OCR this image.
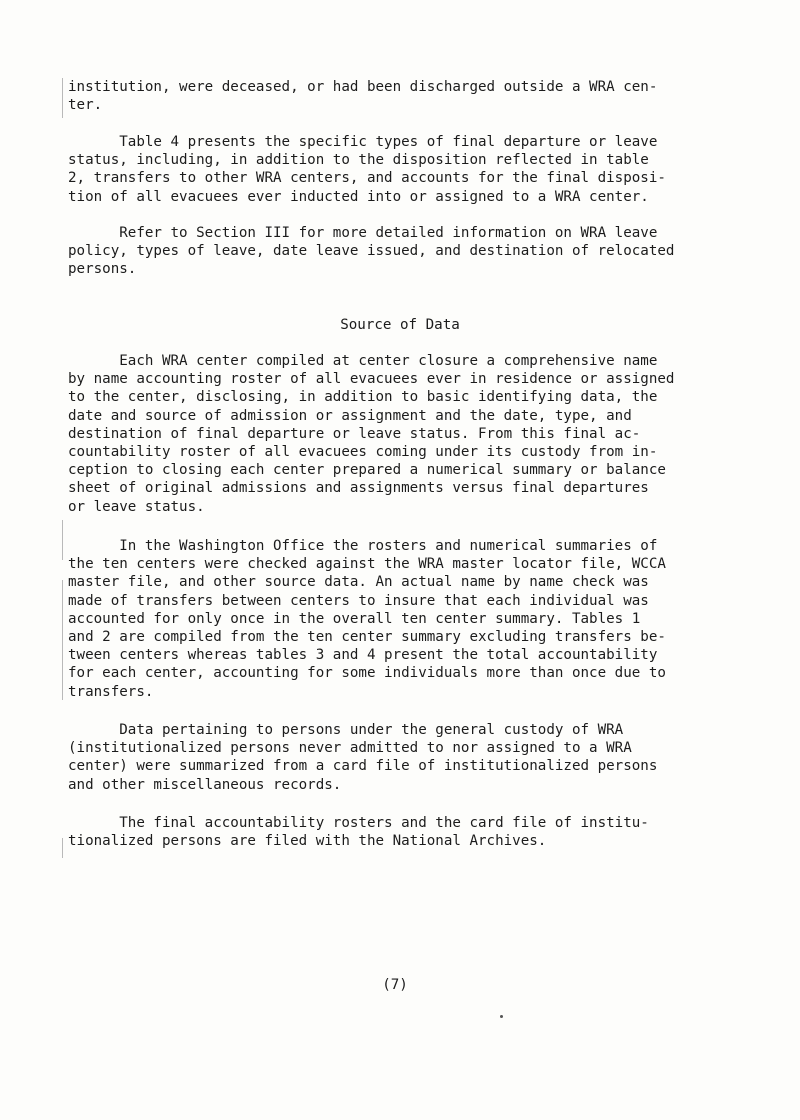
institution, were deceased, or had been discharged outside a WRA cen-
ter.
Table 4 presents the specific types of final departure or leave
status, including, in addition to the disposition reflected in table
2, transfers to other WRA centers, and accounts for the final disposi-
tion of all evacuees ever inducted into or assigned to a WRA center.
Refer to Section III for more detailed information on WRA leave
policy, types of leave, date leave issued, and destination of relocated
persons.
Source of Data
Each WRA center compiled at center closure a comprehensive name
by name accounting roster of all evacuees ever in residence or assigned
to the center, disclosing, in addition to basic identifying data, the
date and source of admission or assignment and the date, type, and
destination of final departure or leave status. From this final ac-
countability roster of all evacuees coming under its custody from in-
ception to closing each center prepared a numerical summary or balance
sheet of original admissions and assignments versus final departures
or leave status.
In the Washington Office the rosters and numerical summaries of
the ten centers were checked against the WRA master locator file, WCCA
master file, and other source data. An actual name by name check was
made of transfers between centers to insure that each individual was
accounted for only once in the overall ten center summary. Tables 1
and 2 are compiled from the ten center summary excluding transfers be-
tween centers whereas tables 3 and 4 present the total accountability
for each center, accounting for some individuals more than once due to
transfers.
Data pertaining to persons under the general custody of WRA
(institutionalized persons never admitted to nor assigned to a WRA
center) were summarized from a card file of institutionalized persons
and other miscellaneous records.
The final accountability rosters and the card file of institu-
tionalized persons are filed with the National Archives.
(7)
